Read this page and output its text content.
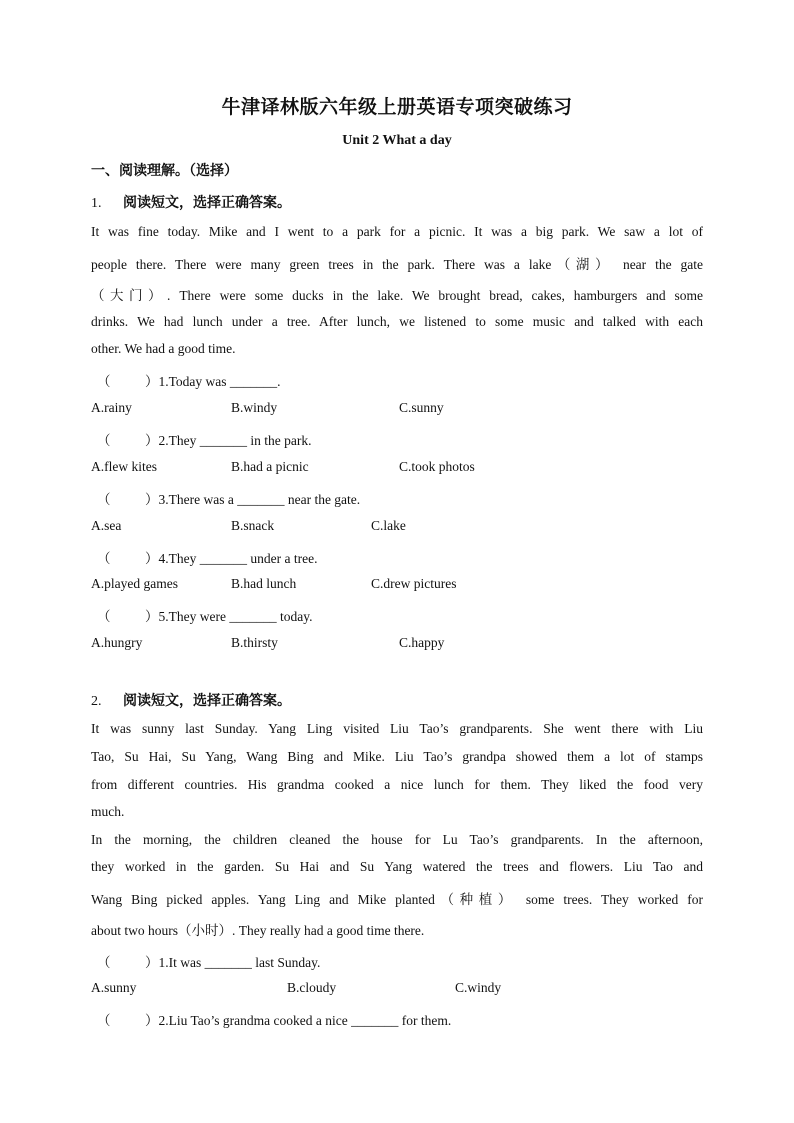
牛津译林版六年级上册英语专项突破练习
Unit 2 What a day
一、阅读理解。（选择）
1. 阅读短文，选择正确答案。
It was fine today. Mike and I went to a park for a picnic. It was a big park. We saw a lot of
people there. There were many green trees in the park. There was a lake（湖） near the gate
（大门）. There were some ducks in the lake. We brought bread, cakes, hamburgers and some
drinks. We had lunch under a tree. After lunch, we listened to some music and talked with each
other. We had a good time.
（	）1.Today was _______.
A.rainy	B.windy	C.sunny
（	）2.They _______ in the park.
A.flew kites	B.had a picnic	C.took photos
（	）3.There was a _______ near the gate.
A.sea	B.snack	C.lake
（	）4.They _______ under a tree.
A.played games	B.had lunch	C.drew pictures
（	）5.They were _______ today.
A.hungry	B.thirsty	C.happy
2. 阅读短文，选择正确答案。
It was sunny last Sunday. Yang Ling visited Liu Tao’s grandparents. She went there with Liu
Tao, Su Hai, Su Yang, Wang Bing and Mike. Liu Tao’s grandpa showed them a lot of stamps
from different countries. His grandma cooked a nice lunch for them. They liked the food very
much.
In the morning, the children cleaned the house for Lu Tao’s grandparents. In the afternoon,
they worked in the garden. Su Hai and Su Yang watered the trees and flowers. Liu Tao and
Wang Bing picked apples. Yang Ling and Mike planted（种植） some trees. They worked for
about two hours（小时）. They really had a good time there.
（	）1.It was _______ last Sunday.
A.sunny	B.cloudy	C.windy
（	）2.Liu Tao’s grandma cooked a nice _______ for them.
